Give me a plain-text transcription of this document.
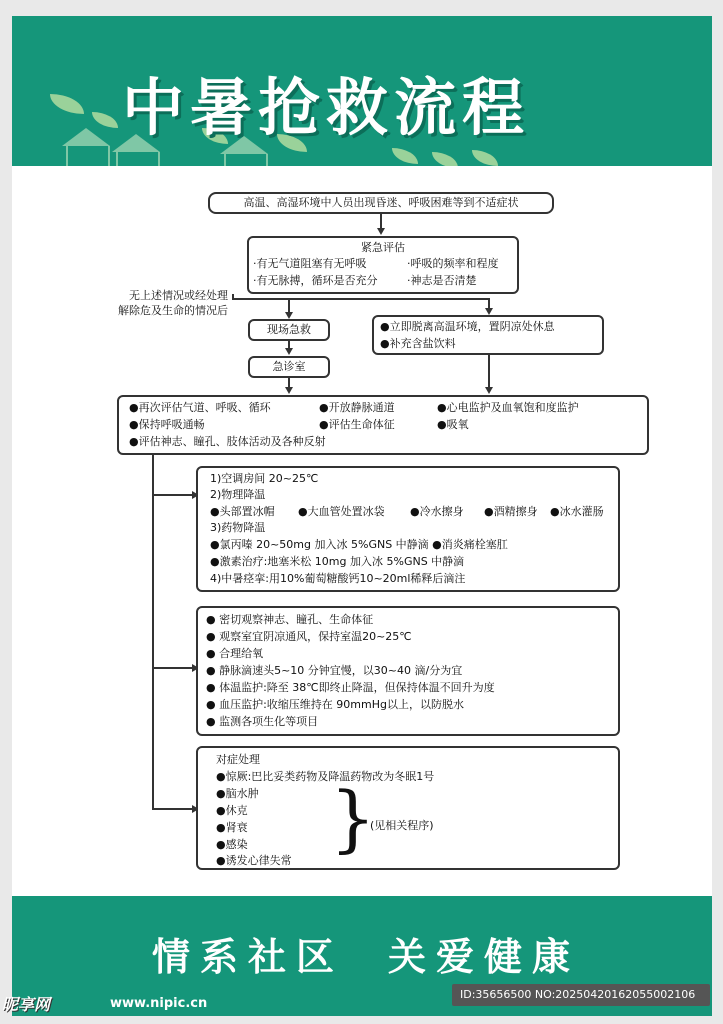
中暑抢救流程
高温、高湿环境中人员出现昏迷、呼吸困难等到不适症状
紧急评估
·有无气道阻塞有无呼吸	·呼吸的频率和程度
·有无脉搏，循环是否充分	·神志是否清楚
无上述情况或经处理
解除危及生命的情况后
现场急救
急诊室
●立即脱离高温环境，置阴凉处休息
●补充含盐饮料
●再次评估气道、呼吸、循环	●开放静脉通道	●心电监护及血氧饱和度监护
●保持呼吸通畅	●评估生命体征	●吸氧
●评估神志、瞳孔、肢体活动及各种反射
1)空调房间 20~25℃
2)物理降温
●头部置冰帽 ●大血管处置冰袋 ●冷水擦身 ●酒精擦身 ●冰水灌肠
3)药物降温
●氯丙嗪 20~50mg 加入冰 5%GNS 中静滴 ●消炎痛栓塞肛
●激素治疗:地塞米松 10mg 加入冰 5%GNS 中静滴
4)中暑痉挛:用10%葡萄糖酸钙10~20ml稀释后滴注
● 密切观察神志、瞳孔、生命体征
● 观察室宜阴凉通风，保持室温20~25℃
● 合理给氧
● 静脉滴速头5~10 分钟宜慢，以30~40 滴/分为宜
● 体温监护:降至 38℃即终止降温，但保持体温不回升为度
● 血压监护:收缩压维持在 90mmHg以上，以防脱水
● 监测各项生化等项目
对症处理
●惊厥:巴比妥类药物及降温药物改为冬眠1号
●脑水肿
●休克
●肾衰
●感染
●诱发心律失常
}
(见相关程序)
情系社区 关爱健康
昵享网	www.nipic.cn
ID:35656500 NO:20250420162055002106
